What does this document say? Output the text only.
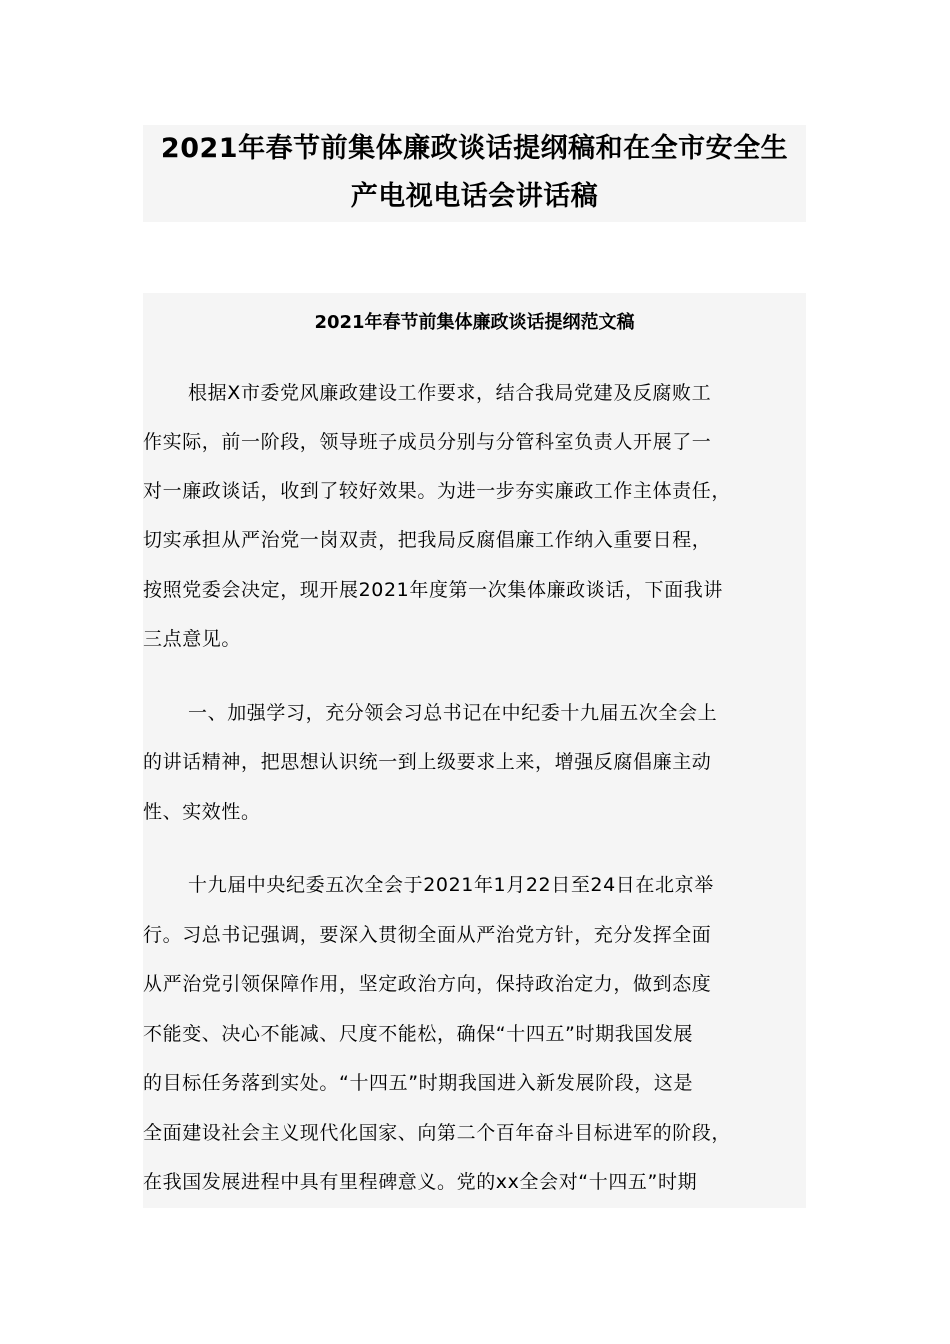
2021年春节前集体廉政谈话提纲稿和在全市安全生
产电视电话会讲话稿
2021年春节前集体廉政谈话提纲范文稿
根据X市委党风廉政建设工作要求，结合我局党建及反腐败工
作实际，前一阶段，领导班子成员分别与分管科室负责人开展了一
对一廉政谈话，收到了较好效果。为进一步夯实廉政工作主体责任，
切实承担从严治党一岗双责，把我局反腐倡廉工作纳入重要日程，
按照党委会决定，现开展2021年度第一次集体廉政谈话，下面我讲
三点意见。
一、加强学习，充分领会习总书记在中纪委十九届五次全会上
的讲话精神，把思想认识统一到上级要求上来，增强反腐倡廉主动
性、实效性。
十九届中央纪委五次全会于2021年1月22日至24日在北京举
行。习总书记强调，要深入贯彻全面从严治党方针，充分发挥全面
从严治党引领保障作用，坚定政治方向，保持政治定力，做到态度
不能变、决心不能减、尺度不能松，确保“十四五”时期我国发展
的目标任务落到实处。“十四五”时期我国进入新发展阶段，这是
全面建设社会主义现代化国家、向第二个百年奋斗目标进军的阶段，
在我国发展进程中具有里程碑意义。党的xx全会对“十四五”时期
